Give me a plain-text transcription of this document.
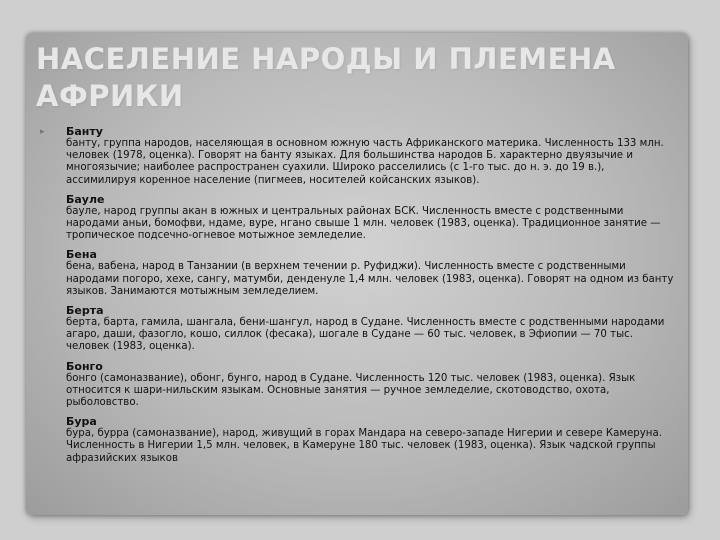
НАСЕЛЕНИЕ НАРОДЫ И ПЛЕМЕНА АФРИКИ
▸ Банту
банту, группа народов, населяющая в основном южную часть Африканского материка. Численность 133 млн. человек (1978, оценка). Говорят на банту языках. Для большинства народов Б. характерно двуязычие и многоязычие; наиболее распространен суахили. Широко расселились (с 1-го тыс. до н. э. до 19 в.), ассимилируя коренное население (пигмеев, носителей койсанских языков).
Бауле
бауле, народ группы акан в южных и центральных районах БСК. Численность вместе с родственными народами аньи, бомофви, ндаме, вуре, нгано свыше 1 млн. человек (1983, оценка). Традиционное занятие — тропическое подсечно-огневое мотыжное земледелие.
Бена
бена, вабена, народ в Танзании (в верхнем течении р. Руфиджи). Численность вместе с родственными народами погоро, хехе, сангу, матумби, денденуле 1,4 млн. человек (1983, оценка). Говорят на одном из банту языков. Занимаются мотыжным земледелием.
Берта
берта, барта, гамила, шангала, бени-шангул, народ в Судане. Численность вместе с родственными народами агаро, даши, фазогло, кошо, силлок (фесака), шогале в Судане — 60 тыс. человек, в Эфиопии — 70 тыс. человек (1983, оценка).
Бонго
бонго (самоназвание), обонг, бунго, народ в Судане. Численность 120 тыс. человек (1983, оценка). Язык относится к шари-нильским языкам. Основные занятия — ручное земледелие, скотоводство, охота, рыболовство.
Бура
бура, бурра (самоназвание), народ, живущий в горах Мандара на северо-западе Нигерии и севере Камеруна. Численность в Нигерии 1,5 млн. человек, в Камеруне 180 тыс. человек (1983, оценка). Язык чадской группы афразийских языков
